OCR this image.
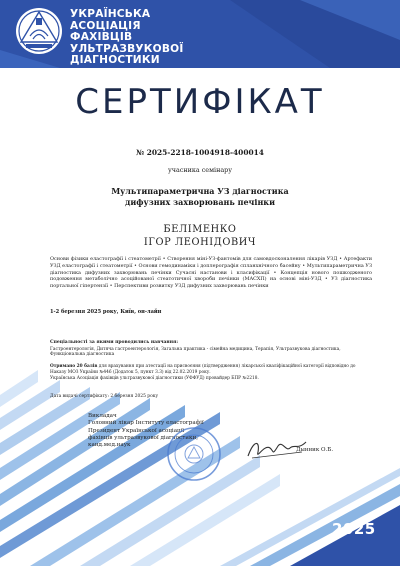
УКРАЇНСЬКА
АСОЦІАЦІЯ
ФАХІВЦІВ
УЛЬТРАЗВУКОВОЇ
ДІАГНОСТИКИ
СЕРТИФІКАТ
№ 2025-2218-1004918-400014
учасника семінару
Мультипараметрична УЗ діагностика
дифузних захворювань печінки
БЕЛІМЕНКО
ІГОР ЛЕОНІДОВИЧ
Основи фізики еластографії і стеатометрії • Створення міні-УЗ-фантомів для самовдосконалення лікарів УЗД • Артефакти УЗД еластографії і стеатометрії • Основи гемодинаміки і доплерографія спланхнічного басейну • Мультипараметрична УЗ діагностика дифузних захворювань печінки Сучасні настанови і класифікації • Концепція нового пошкодженого подовження метаболічно асоційованої стеатотичної хвороби печінки (МАСХП) на основі міні-УЗД • УЗ діагностика портальної гіпертензії • Перспективи розвитку УЗД дифузних захворювань печінки
1-2 березня 2025 року, Київ, он-лайн
Спеціальності за якими проводились навчання:
Гастроентерологія, Дитяча гастроентерологія, Загальна практика - сімейна медицина, Терапія, Ультразвукова діагностика, Функціональна діагностика
Отримано 20 балів для врахування при атестації на присвоєння (підтвердження) лікарської кваліфікаційної категорії відповідно до Наказу МОЗ України №446 (Додаток 5, пункт 3.3) від 22.02.2019 року.
Українська Асоціація фахівців ультразвукової діагностики (УФФУД) провайдер БПР №2218.
Дата видачі сертифікату: 2 березня 2025 року
Викладач
Головний лікар Інституту еластографії
Президент Української асоціації
фахівців ультразвукової діагностики,
канд.мед.наук
Дынник О.Б.
2025
